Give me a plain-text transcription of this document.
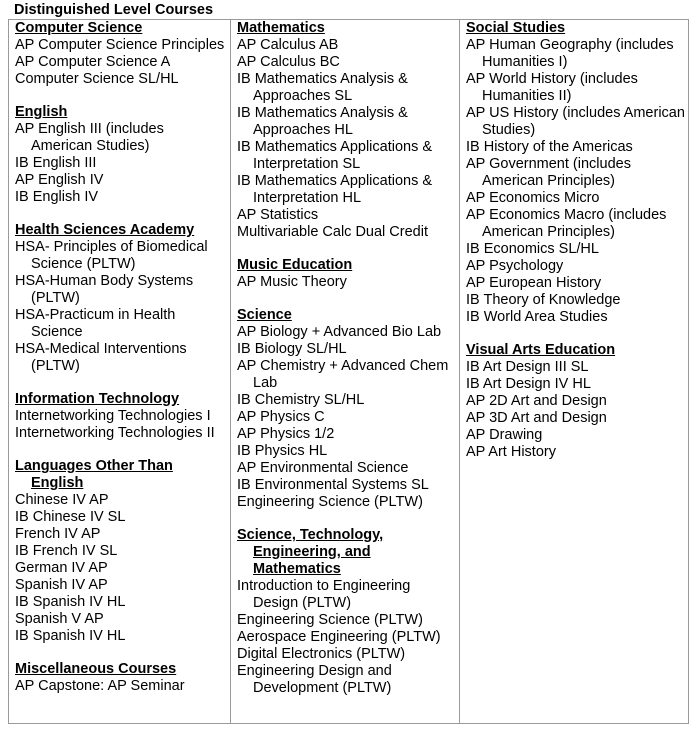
Distinguished Level Courses
Computer Science
AP Computer Science Principles
AP Computer Science A
Computer Science SL/HL
English
AP English III (includes American Studies)
IB English III
AP English IV
IB English IV
Health Sciences Academy
HSA- Principles of Biomedical Science (PLTW)
HSA-Human Body Systems (PLTW)
HSA-Practicum in Health Science
HSA-Medical Interventions (PLTW)
Information Technology
Internetworking Technologies I
Internetworking Technologies II
Languages Other Than
English
Chinese IV AP
IB Chinese IV SL
French IV AP
IB French IV SL
German IV AP
Spanish IV AP
IB Spanish IV HL
Spanish V AP
IB Spanish IV HL
Miscellaneous Courses
AP Capstone: AP Seminar
Mathematics
AP Calculus AB
AP Calculus BC
IB Mathematics Analysis & Approaches SL
IB Mathematics Analysis & Approaches HL
IB Mathematics Applications & Interpretation SL
IB Mathematics Applications & Interpretation HL
AP Statistics
Multivariable Calc Dual Credit
Music Education
AP Music Theory
Science
AP Biology + Advanced Bio Lab
IB Biology SL/HL
AP Chemistry + Advanced Chem Lab
IB Chemistry SL/HL
AP Physics C
AP Physics 1/2
IB Physics HL
AP Environmental Science
IB Environmental Systems SL
Engineering Science (PLTW)
Science, Technology,
Engineering, and
Mathematics
Introduction to Engineering Design (PLTW)
Engineering Science (PLTW)
Aerospace Engineering (PLTW)
Digital Electronics (PLTW)
Engineering Design and Development (PLTW)
Social Studies
AP Human Geography (includes Humanities I)
AP World History (includes Humanities II)
AP US History (includes American Studies)
IB History of the Americas
AP Government (includes American Principles)
AP Economics Micro
AP Economics Macro (includes American Principles)
IB Economics SL/HL
AP Psychology
AP European History
IB Theory of Knowledge
IB World Area Studies
Visual Arts Education
IB Art Design III SL
IB Art Design IV HL
AP 2D Art and Design
AP 3D Art and Design
AP Drawing
AP Art History
